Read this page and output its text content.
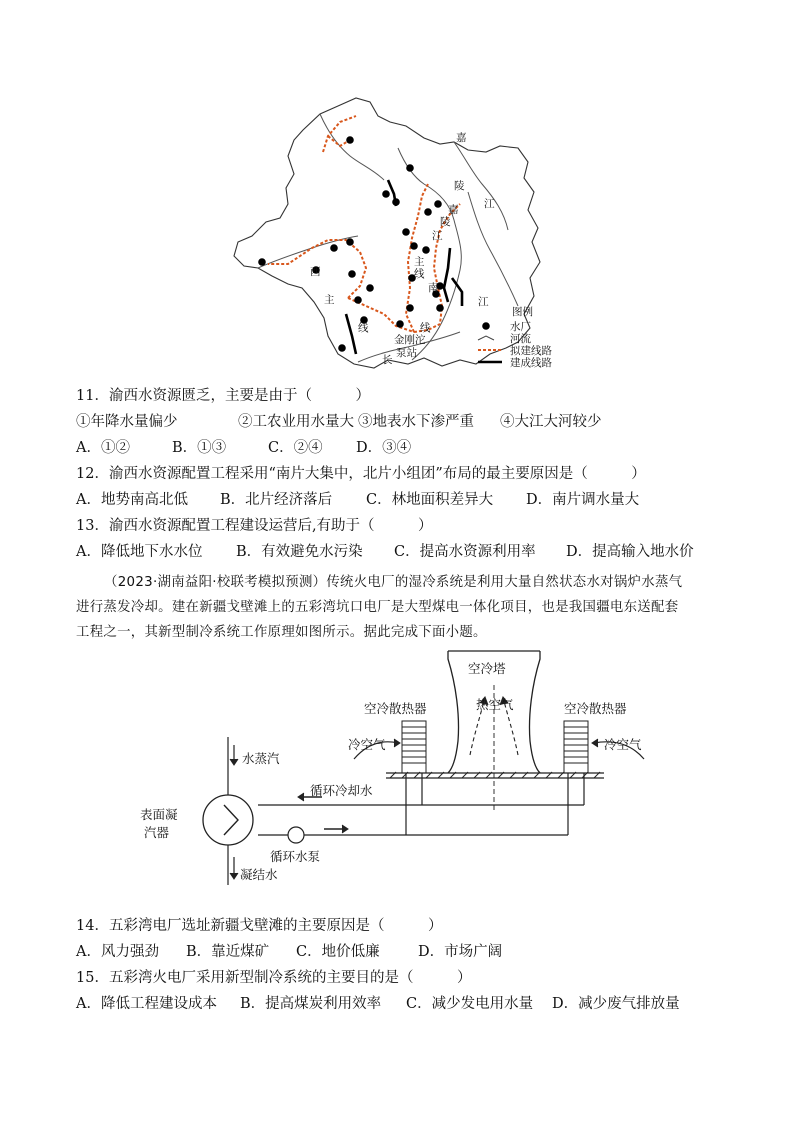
嘉
陵
江
嘉
陵
江
西
主
线
南
江
主
线	线
长
金刚沱
泵站
图例
水厂
河流
拟建线路
建成线路
11．渝西水资源匮乏，主要是由于（　　　）
①年降水量偏少	②工农业用水量大 ③地表水下渗严重 ④大江大河较少
A．①②	B．①③	C．②④ D．③④
12．渝西水资源配置工程采用“南片大集中，北片小组团”布局的最主要原因是（　　　）
A．地势南高北低 B．北片经济落后 C．林地面积差异大 D．南片调水量大
13．渝西水资源配置工程建设运营后,有助于（　　　）
A．降低地下水水位 B．有效避免水污染 C．提高水资源利用率 D．提高输入地水价
（2023·湖南益阳·校联考模拟预测）传统火电厂的湿冷系统是利用大量自然状态水对锅炉水蒸气
进行蒸发冷却。建在新疆戈壁滩上的五彩湾坑口电厂是大型煤电一体化项目，也是我国疆电东送配套
工程之一，其新型制冷系统工作原理如图所示。据此完成下面小题。
空冷塔
空冷散热器	空冷散热器
热空气
冷空气	冷空气
水蒸汽
表面凝
汽器
循环冷却水
循环水泵
凝结水
14．五彩湾电厂选址新疆戈壁滩的主要原因是（　　　）
A．风力强劲 B．靠近煤矿 C．地价低廉	D．市场广阔
15．五彩湾火电厂采用新型制冷系统的主要目的是（　　　）
A．降低工程建设成本 B．提高煤炭利用效率 C．减少发电用水量 D．减少废气排放量
